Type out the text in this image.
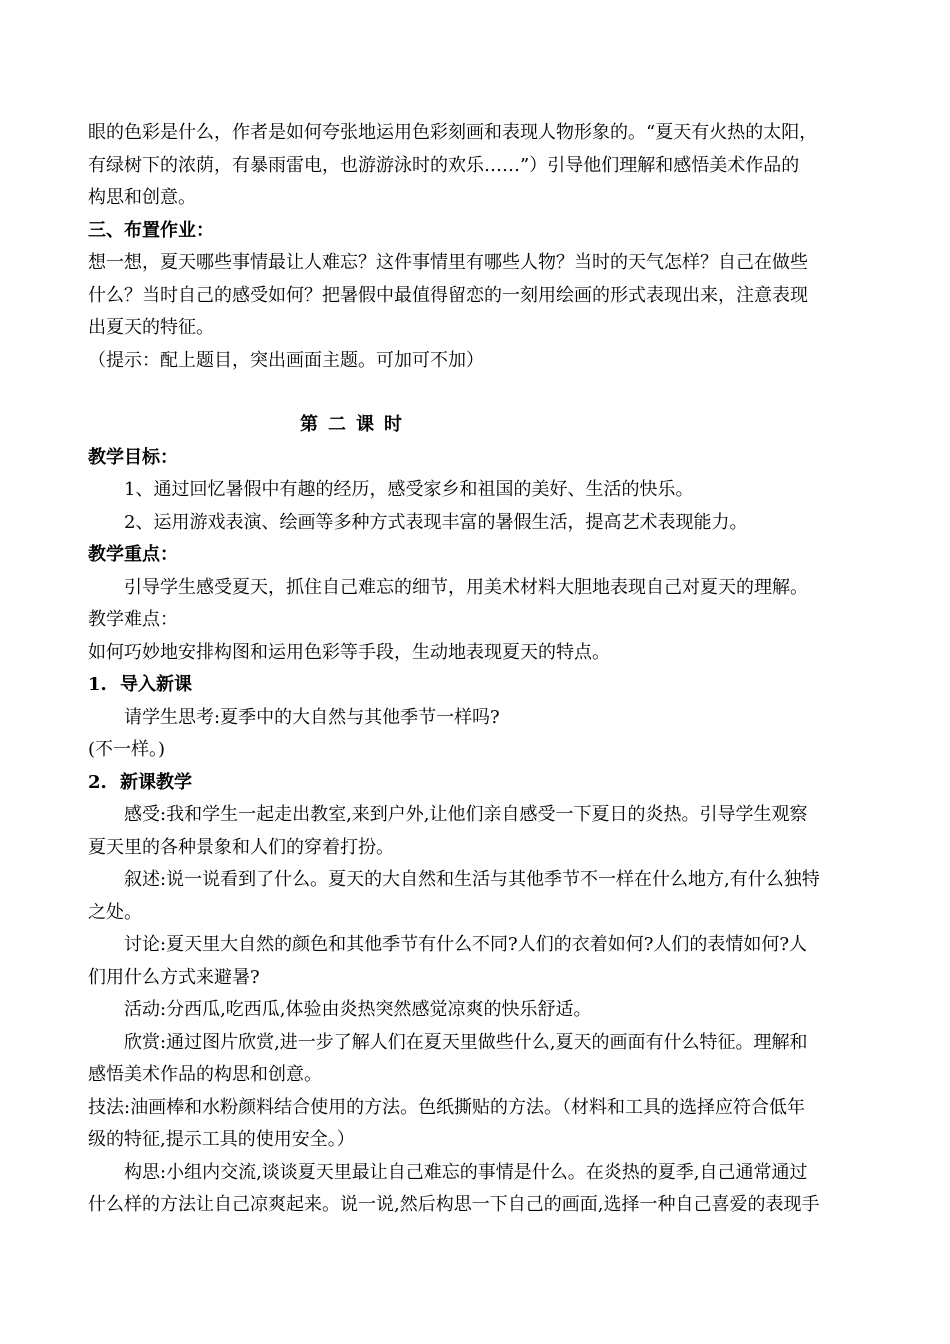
眼的色彩是什么，作者是如何夸张地运用色彩刻画和表现人物形象的。“夏天有火热的太阳，
有绿树下的浓荫，有暴雨雷电，也游游泳时的欢乐……”）引导他们理解和感悟美术作品的
构思和创意。
三、布置作业：
想一想，夏天哪些事情最让人难忘？这件事情里有哪些人物？当时的天气怎样？自己在做些
什么？当时自己的感受如何？把暑假中最值得留恋的一刻用绘画的形式表现出来，注意表现
出夏天的特征。
（提示：配上题目，突出画面主题。可加可不加）
第二课时
教学目标：
1、通过回忆暑假中有趣的经历，感受家乡和祖国的美好、生活的快乐。
2、运用游戏表演、绘画等多种方式表现丰富的暑假生活，提高艺术表现能力。
教学重点：
引导学生感受夏天，抓住自己难忘的细节，用美术材料大胆地表现自己对夏天的理解。
教学难点：
如何巧妙地安排构图和运用色彩等手段，生动地表现夏天的特点。
1. 导入新课
请学生思考:夏季中的大自然与其他季节一样吗?
(不一样。)
2. 新课教学
感受:我和学生一起走出教室,来到户外,让他们亲自感受一下夏日的炎热。引导学生观察
夏天里的各种景象和人们的穿着打扮。
叙述:说一说看到了什么。夏天的大自然和生活与其他季节不一样在什么地方,有什么独特
之处。
讨论:夏天里大自然的颜色和其他季节有什么不同?人们的衣着如何?人们的表情如何?人
们用什么方式来避暑?
活动:分西瓜,吃西瓜,体验由炎热突然感觉凉爽的快乐舒适。
欣赏:通过图片欣赏,进一步了解人们在夏天里做些什么,夏天的画面有什么特征。理解和
感悟美术作品的构思和创意。
技法:油画棒和水粉颜料结合使用的方法。色纸撕贴的方法。（材料和工具的选择应符合低年
级的特征,提示工具的使用安全。）
构思:小组内交流,谈谈夏天里最让自己难忘的事情是什么。在炎热的夏季,自己通常通过
什么样的方法让自己凉爽起来。说一说,然后构思一下自己的画面,选择一种自己喜爱的表现手
